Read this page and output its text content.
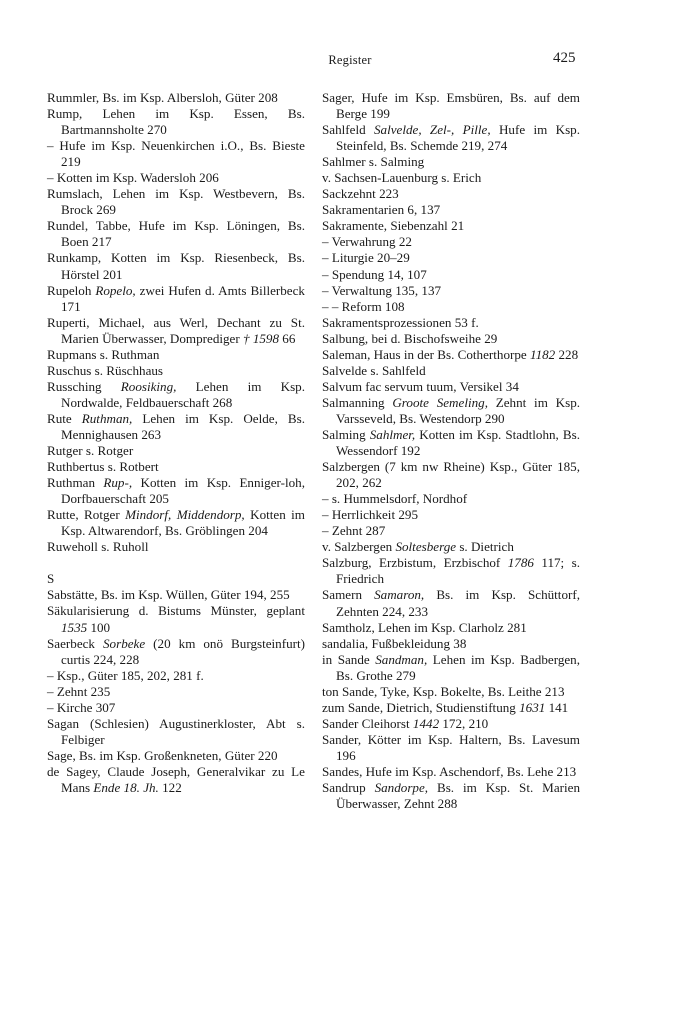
Register	425
Rummler, Bs. im Ksp. Albersloh, Güter 208
Rump, Lehen im Ksp. Essen, Bs. Bartmannsholte 270
– Hufe im Ksp. Neuenkirchen i.O., Bs. Bieste 219
– Kotten im Ksp. Wadersloh 206
Rumslach, Lehen im Ksp. Westbevern, Bs. Brock 269
Rundel, Tabbe, Hufe im Ksp. Löningen, Bs. Boen 217
Runkamp, Kotten im Ksp. Riesenbeck, Bs. Hörstel 201
Rupeloh Ropelo, zwei Hufen d. Amts Billerbeck 171
Ruperti, Michael, aus Werl, Dechant zu St. Marien Überwasser, Domprediger † 1598 66
Rupmans s. Ruthman
Ruschus s. Rüschhaus
Russching Roosiking, Lehen im Ksp. Nordwalde, Feldbauerschaft 268
Rute Ruthman, Lehen im Ksp. Oelde, Bs. Mennighausen 263
Rutger s. Rotger
Ruthbertus s. Rotbert
Ruthman Rup-, Kotten im Ksp. Enniger-loh, Dorfbauerschaft 205
Rutte, Rotger Mindorf, Middendorp, Kotten im Ksp. Altwarendorf, Bs. Gröblingen 204
Ruweholl s. Ruholl
S
Sabstätte, Bs. im Ksp. Wüllen, Güter 194, 255
Säkularisierung d. Bistums Münster, geplant 1535 100
Saerbeck Sorbeke (20 km onö Burgsteinfurt) curtis 224, 228
– Ksp., Güter 185, 202, 281 f.
– Zehnt 235
– Kirche 307
Sagan (Schlesien) Augustinerkloster, Abt s. Felbiger
Sage, Bs. im Ksp. Großenkneten, Güter 220
de Sagey, Claude Joseph, Generalvikar zu Le Mans Ende 18. Jh. 122
Sager, Hufe im Ksp. Emsbüren, Bs. auf dem Berge 199
Sahlfeld Salvelde, Zel-, Pille, Hufe im Ksp. Steinfeld, Bs. Schemde 219, 274
Sahlmer s. Salming
v. Sachsen-Lauenburg s. Erich
Sackzehnt 223
Sakramentarien 6, 137
Sakramente, Siebenzahl 21
– Verwahrung 22
– Liturgie 20–29
– Spendung 14, 107
– Verwaltung 135, 137
– – Reform 108
Sakramentsprozessionen 53 f.
Salbung, bei d. Bischofsweihe 29
Saleman, Haus in der Bs. Cotherthorpe 1182 228
Salvelde s. Sahlfeld
Salvum fac servum tuum, Versikel 34
Salmanning Groote Semeling, Zehnt im Ksp. Varsseveld, Bs. Westendorp 290
Salming Sahlmer, Kotten im Ksp. Stadtlohn, Bs. Wessendorf 192
Salzbergen (7 km nw Rheine) Ksp., Güter 185, 202, 262
– s. Hummelsdorf, Nordhof
– Herrlichkeit 295
– Zehnt 287
v. Salzbergen Soltesberge s. Dietrich
Salzburg, Erzbistum, Erzbischof 1786 117; s. Friedrich
Samern Samaron, Bs. im Ksp. Schüttorf, Zehnten 224, 233
Samtholz, Lehen im Ksp. Clarholz 281
sandalia, Fußbekleidung 38
in Sande Sandman, Lehen im Ksp. Badbergen, Bs. Grothe 279
ton Sande, Tyke, Ksp. Bokelte, Bs. Leithe 213
zum Sande, Dietrich, Studienstiftung 1631 141
Sander Cleihorst 1442 172, 210
Sander, Kötter im Ksp. Haltern, Bs. Lavesum 196
Sandes, Hufe im Ksp. Aschendorf, Bs. Lehe 213
Sandrup Sandorpe, Bs. im Ksp. St. Marien Überwasser, Zehnt 288
